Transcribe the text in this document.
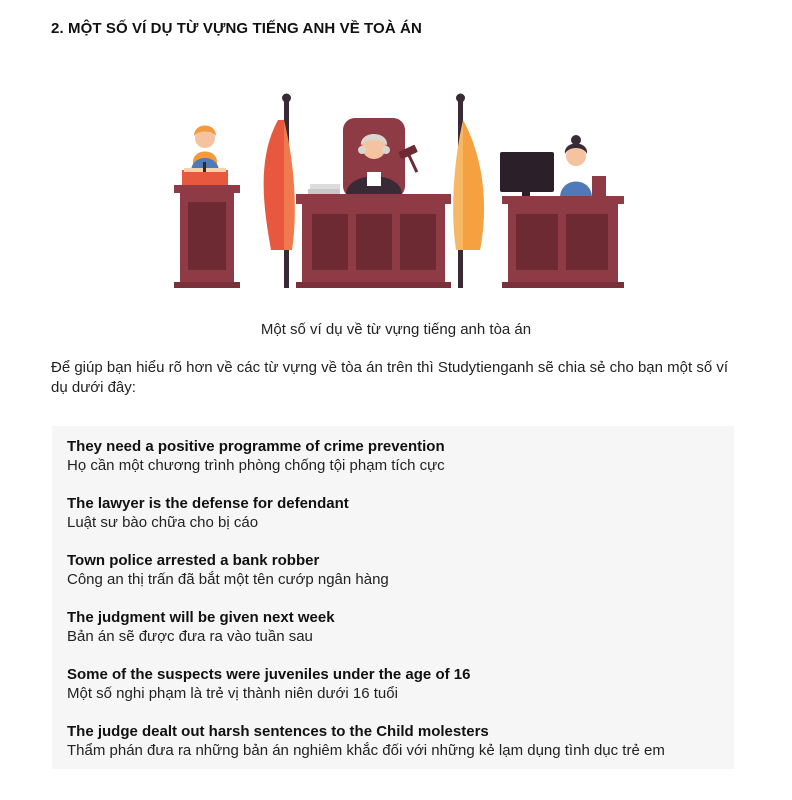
2. MỘT SỐ VÍ DỤ TỪ VỰNG TIẾNG ANH VỀ TOÀ ÁN
Một số ví dụ về từ vựng tiếng anh tòa án
Để giúp bạn hiểu rõ hơn về các từ vựng về tòa án trên thì Studytienganh sẽ chia sẻ cho bạn một số ví dụ dưới đây:
They need a positive programme of crime prevention
Họ cần một chương trình phòng chống tội phạm tích cực
The lawyer is the defense for defendant
Luật sư bào chữa cho bị cáo
Town police arrested a bank robber
Công an thị trấn đã bắt một tên cướp ngân hàng
The judgment will be given next week
Bản án sẽ được đưa ra vào tuần sau
Some of the suspects were juveniles under the age of 16
Một số nghi phạm là trẻ vị thành niên dưới 16 tuổi
The judge dealt out harsh sentences to the Child molesters
Thẩm phán đưa ra những bản án nghiêm khắc đối với những kẻ lạm dụng tình dục trẻ em
